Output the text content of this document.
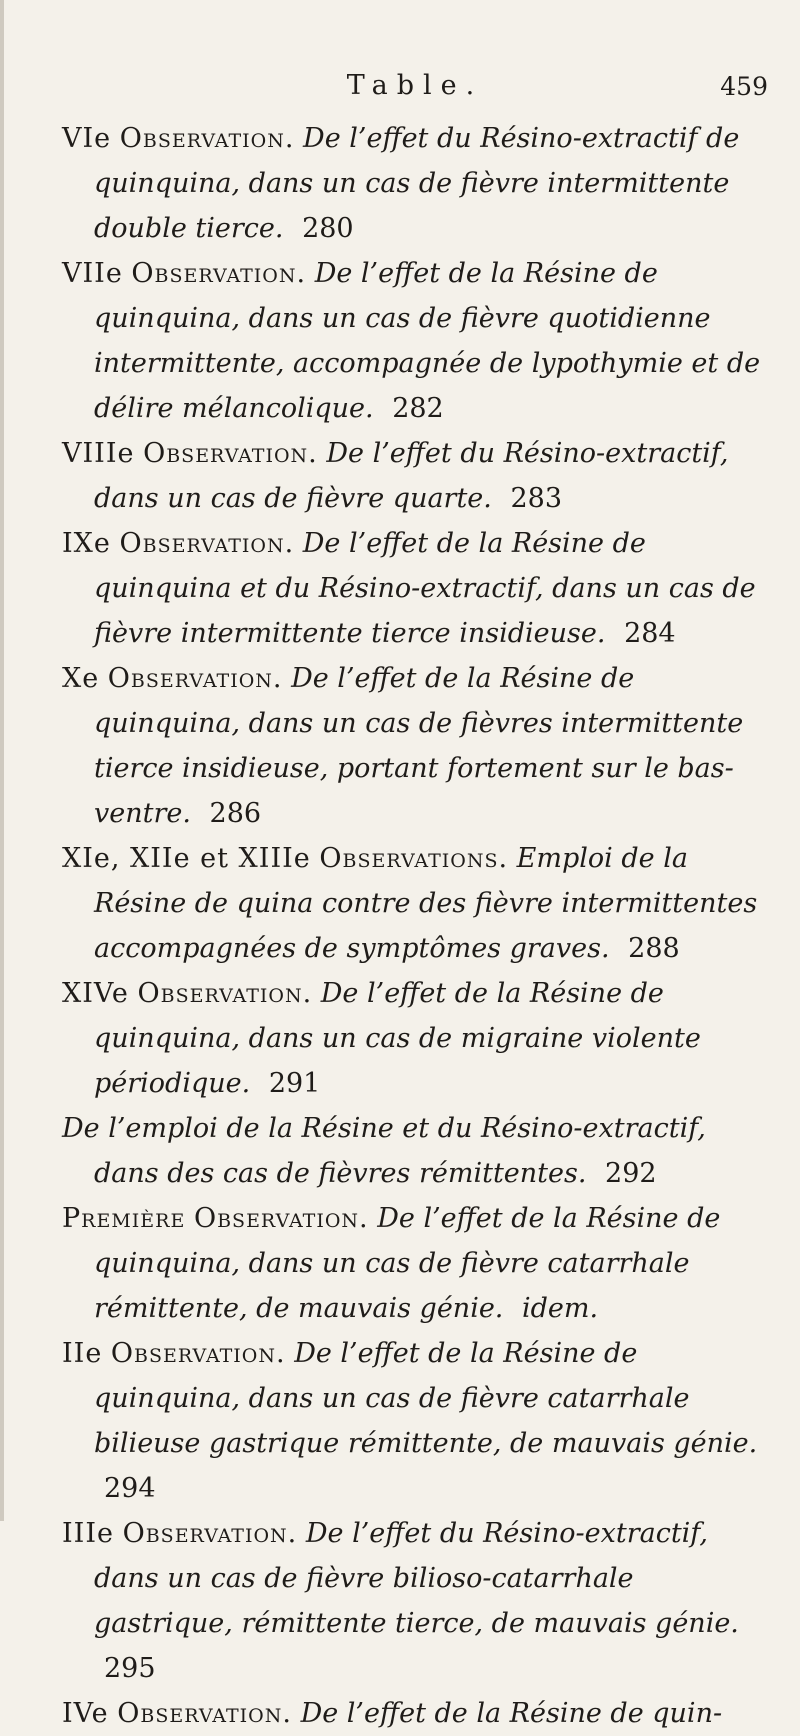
Table.	459
VIe Observation. De l’effet du Résino-extractif de quinquina, dans un cas de fièvre intermittente double tierce. 280
VIIe Observation. De l’effet de la Résine de quinquina, dans un cas de fièvre quotidienne intermittente, accompagnée de lypothymie et de délire mélancolique. 282
VIIIe Observation. De l’effet du Résino-extractif, dans un cas de fièvre quarte. 283
IXe Observation. De l’effet de la Résine de quinquina et du Résino-extractif, dans un cas de fièvre intermittente tierce insidieuse. 284
Xe Observation. De l’effet de la Résine de quinquina, dans un cas de fièvres intermittente tierce insidieuse, portant fortement sur le bas-ventre. 286
XIe, XIIe et XIIIe Observations. Emploi de la Résine de quina contre des fièvre intermittentes accompagnées de symptômes graves. 288
XIVe Observation. De l’effet de la Résine de quinquina, dans un cas de migraine violente périodique. 291
De l’emploi de la Résine et du Résino-extractif, dans des cas de fièvres rémittentes. 292
Première Observation. De l’effet de la Résine de quinquina, dans un cas de fièvre catarrhale rémittente, de mauvais génie. idem.
IIe Observation. De l’effet de la Résine de quinquina, dans un cas de fièvre catarrhale bilieuse gastrique rémittente, de mauvais génie. 294
IIIe Observation. De l’effet du Résino-extractif, dans un cas de fièvre bilioso-catarrhale gastrique, rémittente tierce, de mauvais génie. 295
IVe Observation. De l’effet de la Résine de quin-
